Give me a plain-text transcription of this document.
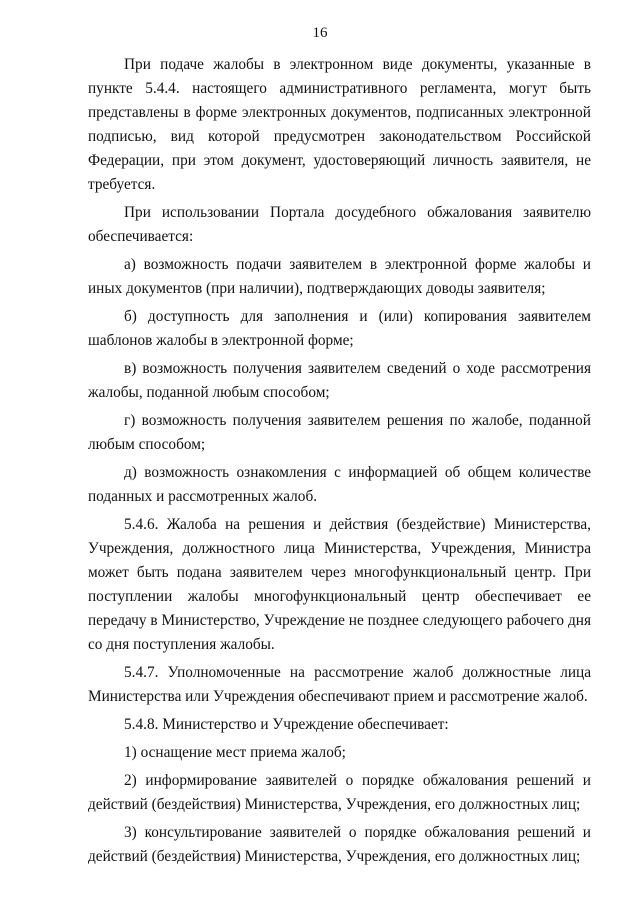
16

При подаче жалобы в электронном виде документы, указанные в пункте 5.4.4. настоящего административного регламента, могут быть представлены в форме электронных документов, подписанных электронной подписью, вид которой предусмотрен законодательством Российской Федерации, при этом документ, удостоверяющий личность заявителя, не требуется.

При использовании Портала досудебного обжалования заявителю обеспечивается:

а) возможность подачи заявителем в электронной форме жалобы и иных документов (при наличии), подтверждающих доводы заявителя;

б) доступность для заполнения и (или) копирования заявителем шаблонов жалобы в электронной форме;

в) возможность получения заявителем сведений о ходе рассмотрения жалобы, поданной любым способом;

г) возможность получения заявителем решения по жалобе, поданной любым способом;

д) возможность ознакомления с информацией об общем количестве поданных и рассмотренных жалоб.

5.4.6. Жалоба на решения и действия (бездействие) Министерства, Учреждения, должностного лица Министерства, Учреждения, Министра может быть подана заявителем через многофункциональный центр. При поступлении жалобы многофункциональный центр обеспечивает ее передачу в Министерство, Учреждение не позднее следующего рабочего дня со дня поступления жалобы.

5.4.7. Уполномоченные на рассмотрение жалоб должностные лица Министерства или Учреждения обеспечивают прием и рассмотрение жалоб.

5.4.8. Министерство и Учреждение обеспечивает:

1) оснащение мест приема жалоб;

2) информирование заявителей о порядке обжалования решений и действий (бездействия) Министерства, Учреждения, его должностных лиц;

3) консультирование заявителей о порядке обжалования решений и действий (бездействия) Министерства, Учреждения, его должностных лиц;
